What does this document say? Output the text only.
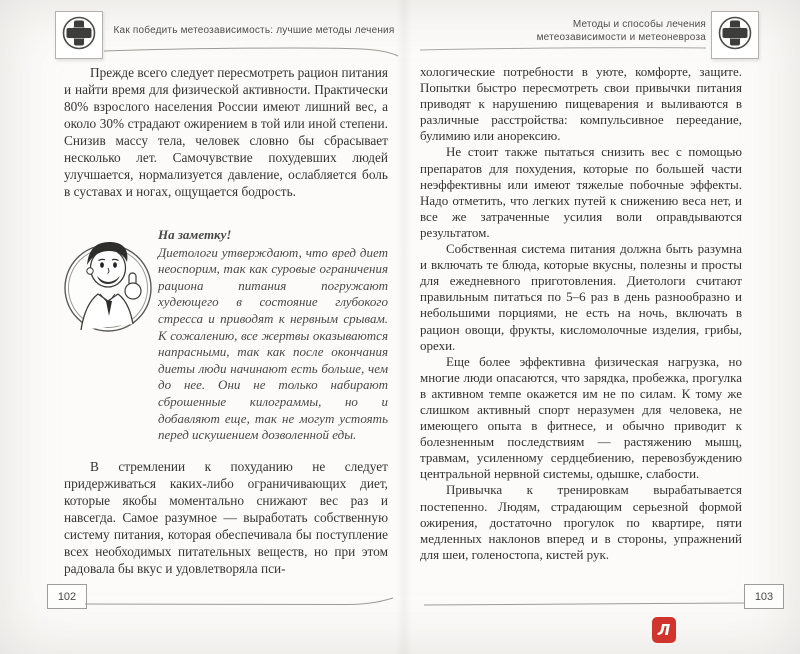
Как победить метеозависимость: лучшие методы лечения
Методы и способы лечения
метеозависимости и метеоневроза
Прежде всего следует пересмотреть рацион питания и найти время для физической активности. Практически 80% взрослого населения России имеют лишний вес, а около 30% страдают ожирением в той или иной степени. Снизив массу тела, человек словно бы сбрасывает несколько лет. Самочувствие похудевших людей улучшается, нормализуется давление, ослабляется боль в суставах и ногах, ощущается бодрость.

На заметку!

Диетологи утверждают, что вред диет неоспорим, так как суровые ограничения рациона питания погружают худеющего в состояние глубокого стресса и приводят к нервным срывам. К сожалению, все жертвы оказываются напрасными, так как после окончания диеты люди начинают есть больше, чем до нее. Они не только набирают сброшенные килограммы, но и добавляют еще, так не могут устоять перед искушением дозволенной еды.

В стремлении к похуданию не следует придерживаться каких-либо ограничивающих диет, которые якобы моментально снижают вес раз и навсегда. Самое разумное — выработать собственную систему питания, которая обеспечивала бы поступление всех необходимых питательных веществ, но при этом радовала бы вкус и удовлетворяла пси-

хологические потребности в уюте, комфорте, защите. Попытки быстро пересмотреть свои привычки питания приводят к нарушению пищеварения и выливаются в различные расстройства: компульсивное переедание, булимию или анорексию.

Не стоит также пытаться снизить вес с помощью препаратов для похудения, которые по большей части неэффективны или имеют тяжелые побочные эффекты. Надо отметить, что легких путей к снижению веса нет, и все же затраченные усилия воли оправдываются результатом.

Собственная система питания должна быть разумна и включать те блюда, которые вкусны, полезны и просты для ежедневного приготовления. Диетологи считают правильным питаться по 5–6 раз в день разнообразно и небольшими порциями, не есть на ночь, включать в рацион овощи, фрукты, кисломолочные изделия, грибы, орехи.

Еще более эффективна физическая нагрузка, но многие люди опасаются, что зарядка, пробежка, прогулка в активном темпе окажется им не по силам. К тому же слишком активный спорт неразумен для человека, не имеющего опыта в фитнесе, и обычно приводит к болезненным последствиям — растяжению мышц, травмам, усиленному сердцебиению, перевозбуждению центральной нервной системы, одышке, слабости.

Привычка к тренировкам вырабатывается постепенно. Людям, страдающим серьезной формой ожирения, достаточно прогулок по квартире, пяти медленных наклонов вперед и в стороны, упражнений для шеи, голеностопа, кистей рук.

102	103
Л
